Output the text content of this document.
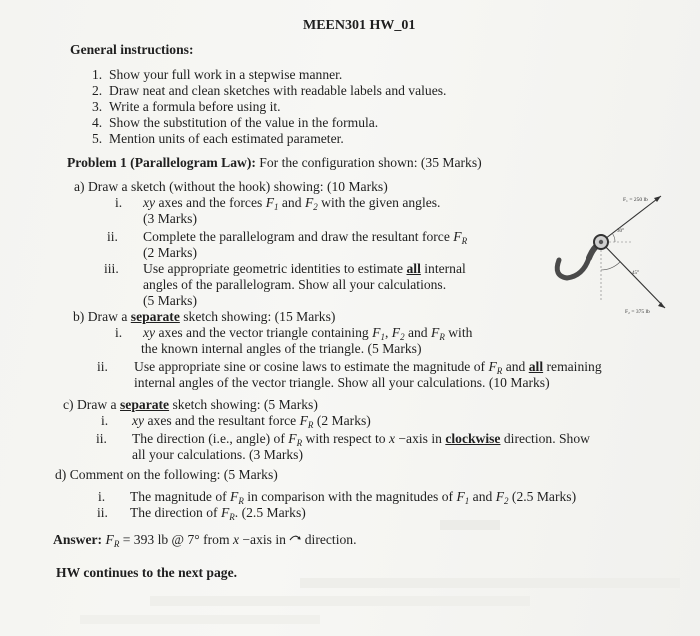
MEEN301 HW_01
General instructions:
1. Show your full work in a stepwise manner.
2. Draw neat and clean sketches with readable labels and values.
3. Write a formula before using it.
4. Show the substitution of the value in the formula.
5. Mention units of each estimated parameter.
Problem 1 (Parallelogram Law): For the configuration shown: (35 Marks)
a) Draw a sketch (without the hook) showing: (10 Marks)
i. xy axes and the forces $F_1$ and $F_2$ with the given angles.
(3 Marks)
ii. Complete the parallelogram and draw the resultant force $F_R$
(2 Marks)
iii. Use appropriate geometric identities to estimate all internal
angles of the parallelogram. Show all your calculations.
(5 Marks)
b) Draw a separate sketch showing: (15 Marks)
i. xy axes and the vector triangle containing $F_1$, $F_2$ and $F_R$ with
the known internal angles of the triangle. (5 Marks)
ii. Use appropriate sine or cosine laws to estimate the magnitude of $F_R$ and all remaining
internal angles of the vector triangle. Show all your calculations. (10 Marks)
c) Draw a separate sketch showing: (5 Marks)
i. xy axes and the resultant force $F_R$ (2 Marks)
ii. The direction (i.e., angle) of $F_R$ with respect to x −axis in clockwise direction. Show
all your calculations. (3 Marks)
d) Comment on the following: (5 Marks)
i. The magnitude of $F_R$ in comparison with the magnitudes of $F_1$ and $F_2$ (2.5 Marks)
ii. The direction of $F_R$. (2.5 Marks)
Answer: $F_R = 393$ lb @ 7° from x −axis in direction.
HW continues to the next page.
F₁ = 250 lb
F₂ = 375 lb
30°
45°
